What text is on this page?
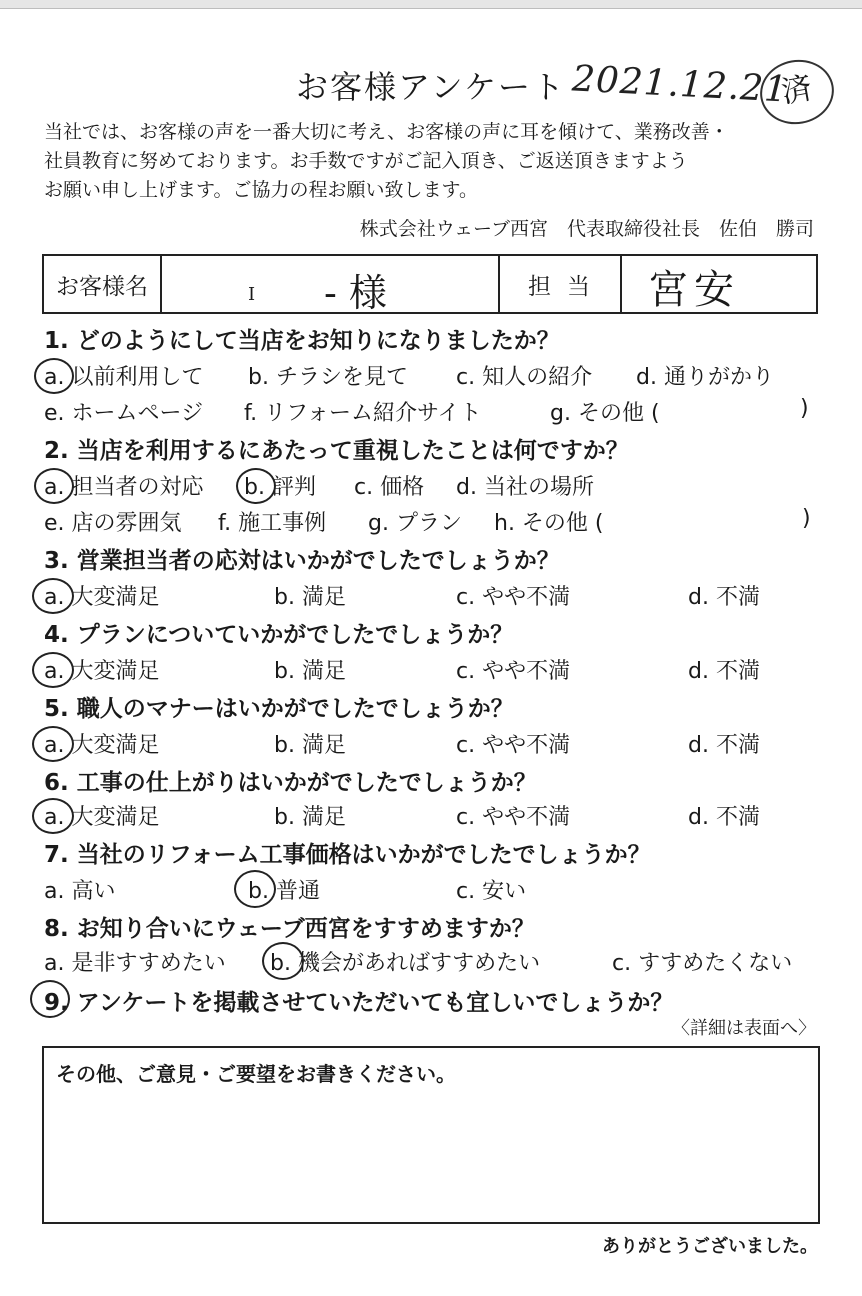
お客様アンケート 2021.12.21
済
当社では、お客様の声を一番大切に考え、お客様の声に耳を傾けて、業務改善・
社員教育に努めております。お手数ですがご記入頂き、ご返送頂きますよう
お願い申し上げます。ご協力の程お願い致します。
株式会社ウェーブ西宮　代表取締役社長　佐伯　勝司
お客様名	I - 様	担当	宮安
1. どのようにして当店をお知りになりましたか？
a. 以前利用して b. チラシを見て c. 知人の紹介 d. 通りがかり
e. ホームページ f. リフォーム紹介サイト	g. その他 (	)
2. 当店を利用するにあたって重視したことは何ですか？
a. 担当者の対応 b. 評判 c. 価格 d. 当社の場所
e. 店の雰囲気 f. 施工事例 g. プラン h. その他 (	)
3. 営業担当者の応対はいかがでしたでしょうか？
a. 大変満足	b. 満足	c. やや不満	d. 不満
4. プランについていかがでしたでしょうか？
a. 大変満足	b. 満足	c. やや不満	d. 不満
5. 職人のマナーはいかがでしたでしょうか？
a. 大変満足	b. 満足	c. やや不満	d. 不満
6. 工事の仕上がりはいかがでしたでしょうか？
a. 大変満足	b. 満足	c. やや不満	d. 不満
7. 当社のリフォーム工事価格はいかがでしたでしょうか？
a. 高い	b. 普通	c. 安い
8. お知り合いにウェーブ西宮をすすめますか？
a. 是非すすめたい b. 機会があればすすめたい	c. すすめたくない
9. アンケートを掲載させていただいても宜しいでしょうか？
〈詳細は表面へ〉
その他、ご意見・ご要望をお書きください。
ありがとうございました。
